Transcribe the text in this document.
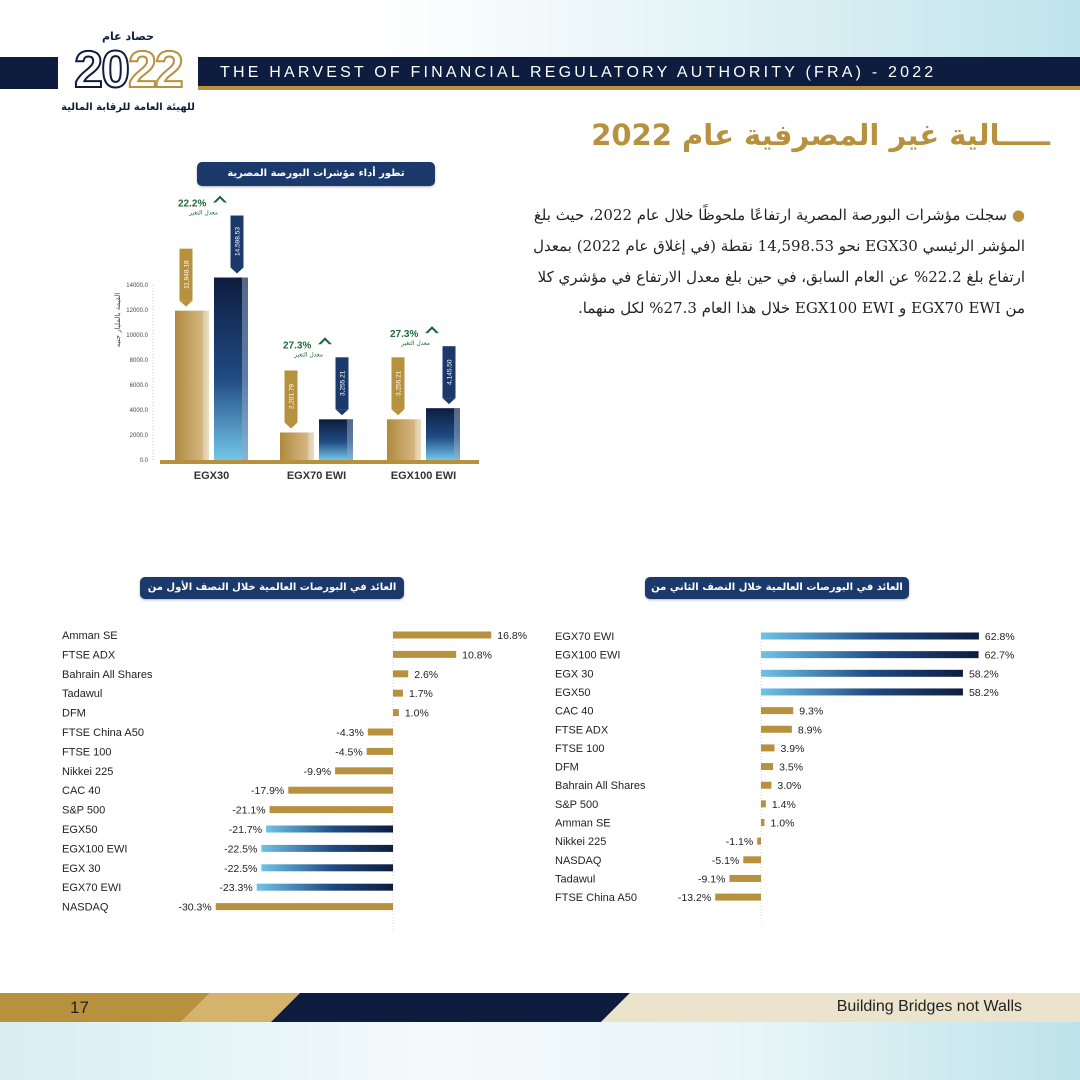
THE HARVEST OF FINANCIAL REGULATORY AUTHORITY (FRA) - 2022
حصاد عام
2022
للهيئة العامة للرقابة المالية
ـــــالية غير المصرفية عام 2022
تطور أداء مؤشرات البورصة المصرية
0.0
2000.0
4000.0
6000.0
8000.0
10000.0
12000.0
14000.0
القيمة بالمليار جنيه
EGX30
11,948.18
14,598.53
22.2%
معدل التغير
EGX70 EWI
2,201.79
3,255.21
27.3%
معدل التغير
EGX100 EWI
3,255.21	4,145.50
27.3%
معدل التغير
● سجلت مؤشرات البورصة المصرية ارتفاعًا ملحوظًا خلال عام 2022، حيث بلغ المؤشر الرئيسي EGX30 نحو 14,598.53 نقطة (في إغلاق عام 2022) بمعدل ارتفاع بلغ 22.2% عن العام السابق، في حين بلغ معدل الارتفاع في مؤشري كلا من EGX70 EWI و EGX100 EWI خلال هذا العام 27.3% لكل منهما.
العائد في البورصات العالمية خلال النصف الأول من عام 2022
العائد في البورصات العالمية خلال النصف الثاني من عام 2022
Amman SE	16.8%
FTSE ADX	10.8%
Bahrain All Shares	2.6%
Tadawul	1.7%
DFM	1.0%
FTSE China A50	-4.3%
FTSE 100	-4.5%
Nikkei 225	-9.9%
CAC 40	-17.9%
S&P 500	-21.1%
EGX50	-21.7%
EGX100 EWI	-22.5%
EGX 30	-22.5%
EGX70 EWI	-23.3%
NASDAQ	-30.3%
EGX70 EWI	62.8%
EGX100 EWI	62.7%
EGX 30	58.2%
EGX50	58.2%
CAC 40	9.3%
FTSE ADX	8.9%
FTSE 100	3.9%
DFM	3.5%
Bahrain All Shares	3.0%
S&P 500	1.4%
Amman SE	1.0%
Nikkei 225	-1.1%
NASDAQ	-5.1%
Tadawul	-9.1%
FTSE China A50	-13.2%
17	Building Bridges not Walls
